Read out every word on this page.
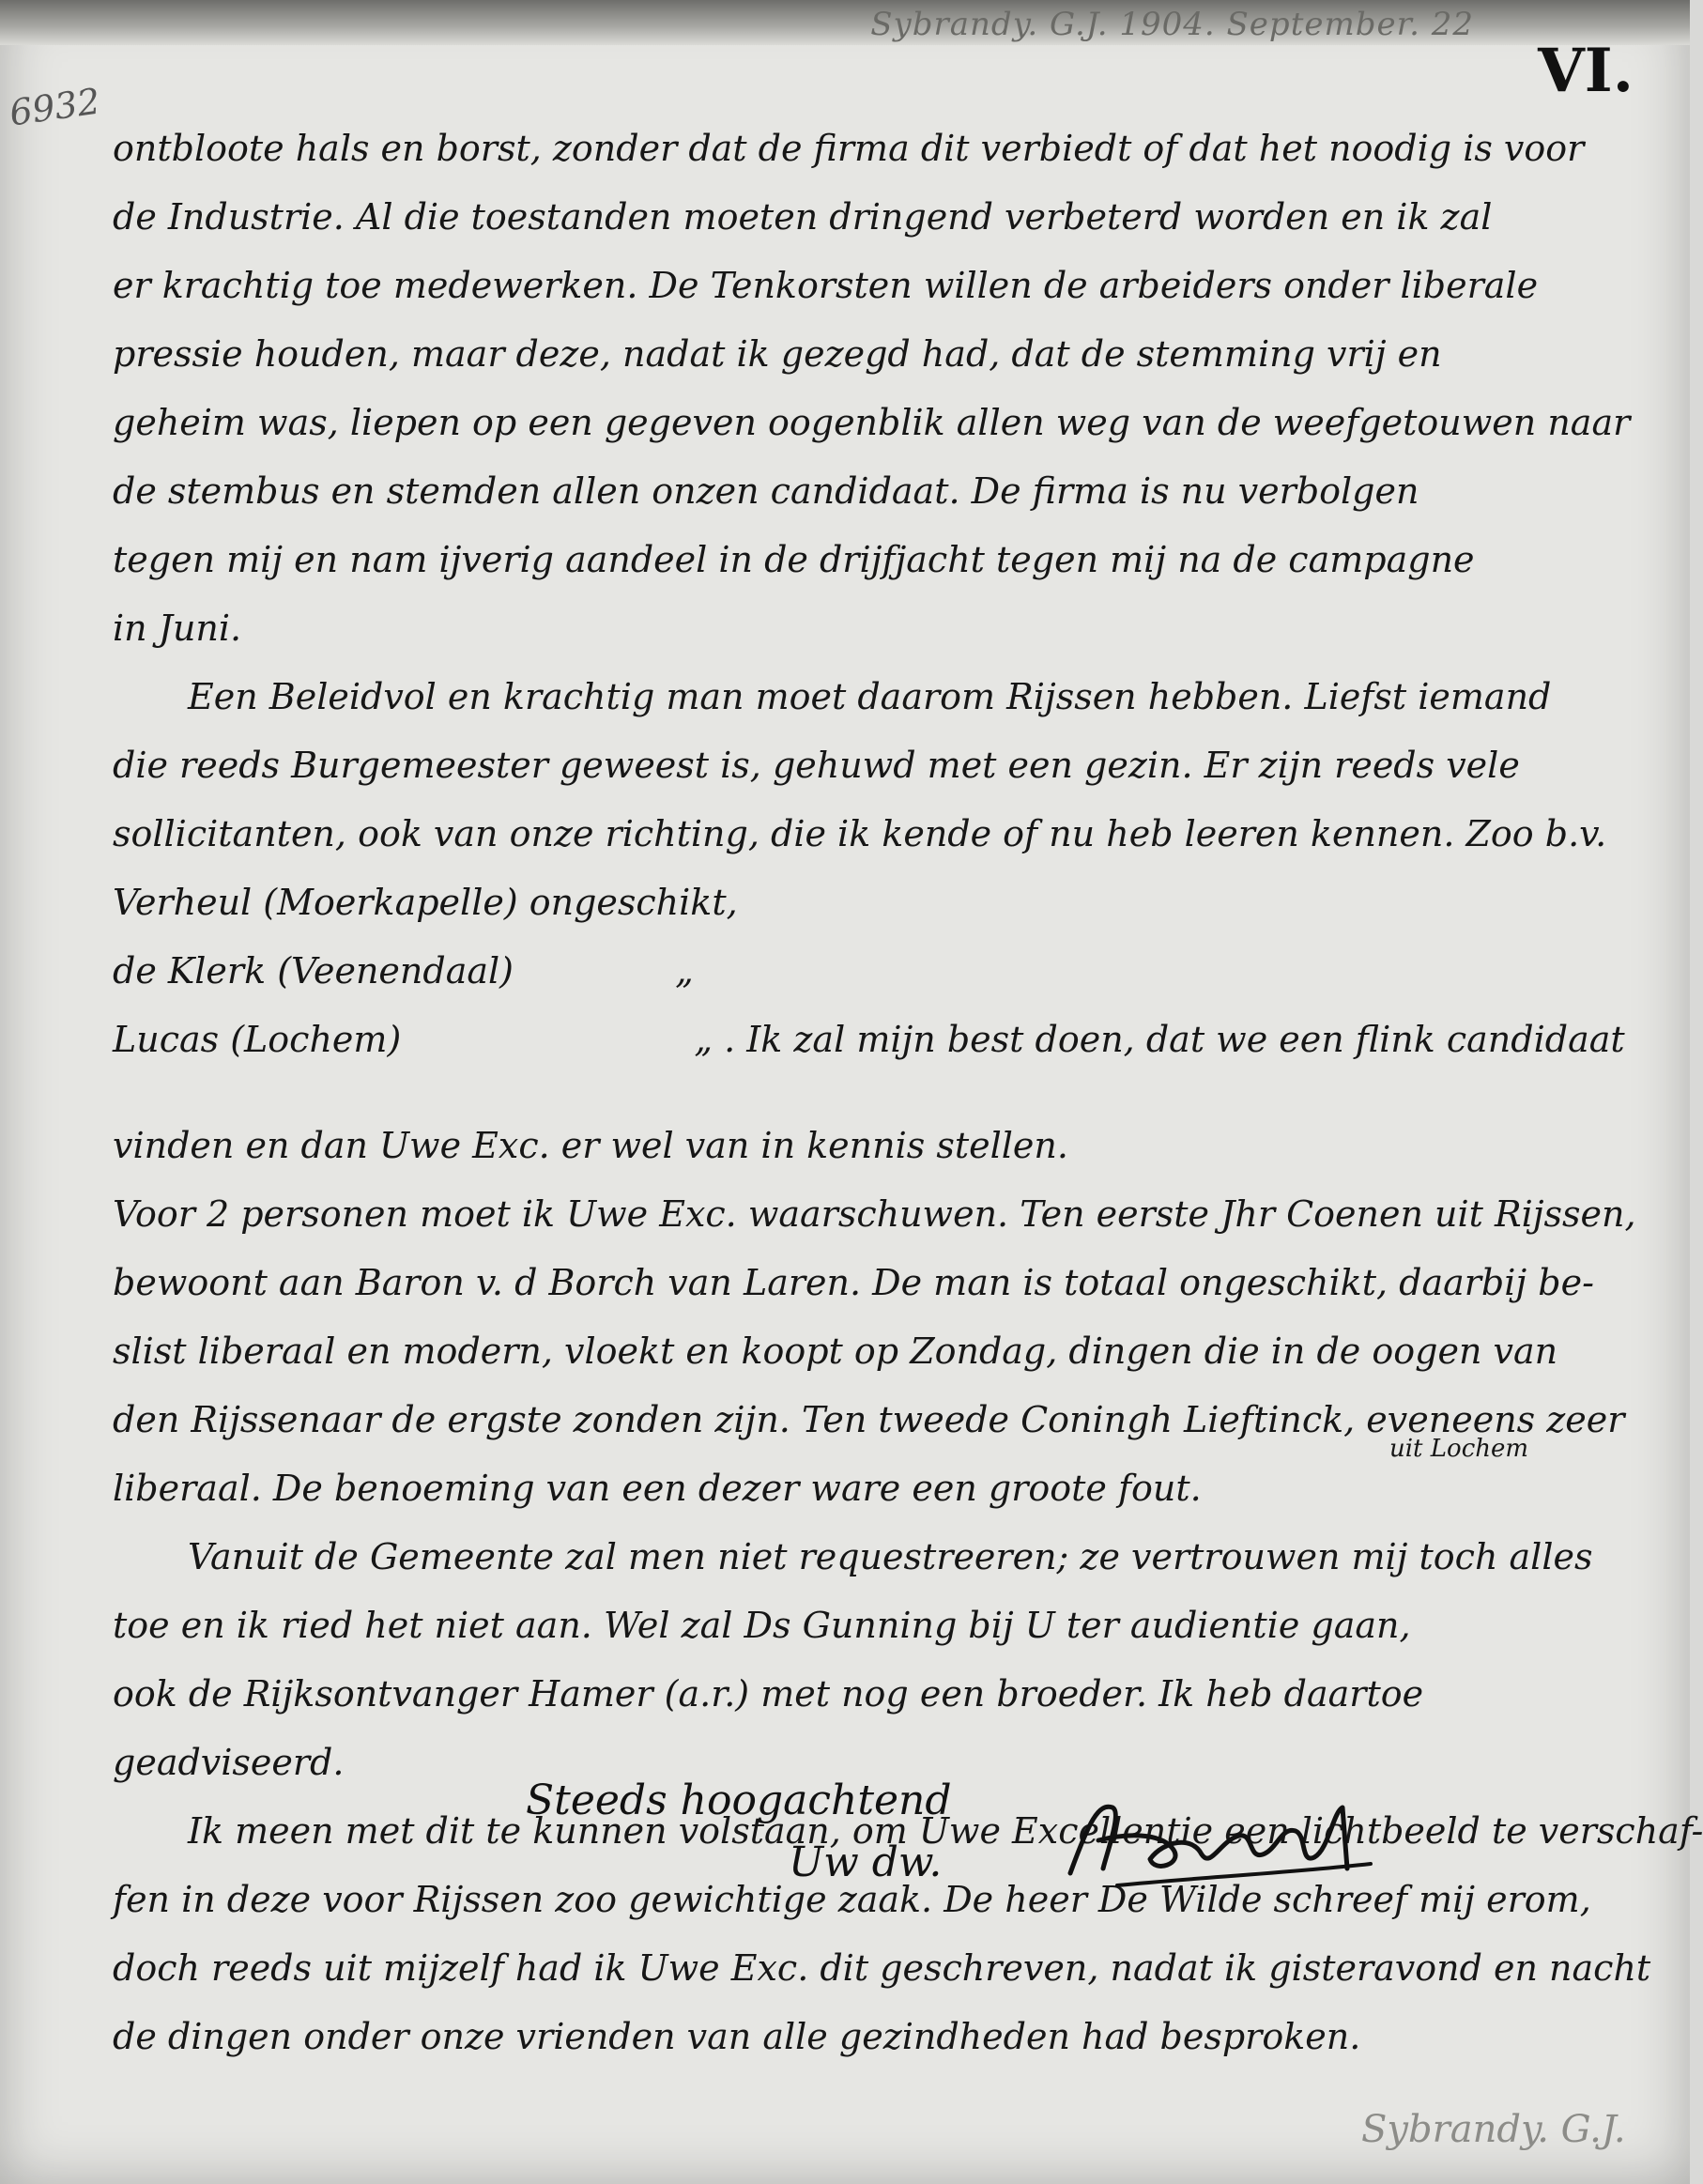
Sybrandy. G.J. 1904. September. 22
VI.
6932
ontbloote hals en borst, zonder dat de firma dit verbiedt of dat het noodig is voor
de Industrie. Al die toestanden moeten dringend verbeterd worden en ik zal
er krachtig toe medewerken. De Tenkorsten willen de arbeiders onder liberale
pressie houden, maar deze, nadat ik gezegd had, dat de stemming vrij en
geheim was, liepen op een gegeven oogenblik allen weg van de weefgetouwen naar
de stembus en stemden allen onzen candidaat. De firma is nu verbolgen
tegen mij en nam ijverig aandeel in de drijfjacht tegen mij na de campagne
in Juni.
Een Beleidvol en krachtig man moet daarom Rijssen hebben. Liefst iemand
die reeds Burgemeester geweest is, gehuwd met een gezin. Er zijn reeds vele
sollicitanten, ook van onze richting, die ik kende of nu heb leeren kennen. Zoo b.v.
Verheul (Moerkapelle) ongeschikt,
de Klerk (Veenendaal)	„
Lucas (Lochem)	„ . Ik zal mijn best doen, dat we een flink candidaat
vinden en dan Uwe Exc. er wel van in kennis stellen.
Voor 2 personen moet ik Uwe Exc. waarschuwen. Ten eerste Jhr Coenen uit Rijssen,
bewoont aan Baron v. d Borch van Laren. De man is totaal ongeschikt, daarbij be-
slist liberaal en modern, vloekt en koopt op Zondag, dingen die in de oogen van
den Rijssenaar de ergste zonden zijn. Ten tweede Coningh Lieftinck, eveneens zeer
liberaal. De benoeming van een dezer ware een groote fout.
uit Lochem
Vanuit de Gemeente zal men niet requestreeren; ze vertrouwen mij toch alles
toe en ik ried het niet aan. Wel zal Ds Gunning bij U ter audientie gaan,
ook de Rijksontvanger Hamer (a.r.) met nog een broeder. Ik heb daartoe
geadviseerd.
Ik meen met dit te kunnen volstaan, om Uwe Excellentie een lichtbeeld te verschaf-
fen in deze voor Rijssen zoo gewichtige zaak. De heer De Wilde schreef mij erom,
doch reeds uit mijzelf had ik Uwe Exc. dit geschreven, nadat ik gisteravond en nacht
de dingen onder onze vrienden van alle gezindheden had besproken.
Steeds hoogachtend
Uw dw.
Sybrandy. G.J.
